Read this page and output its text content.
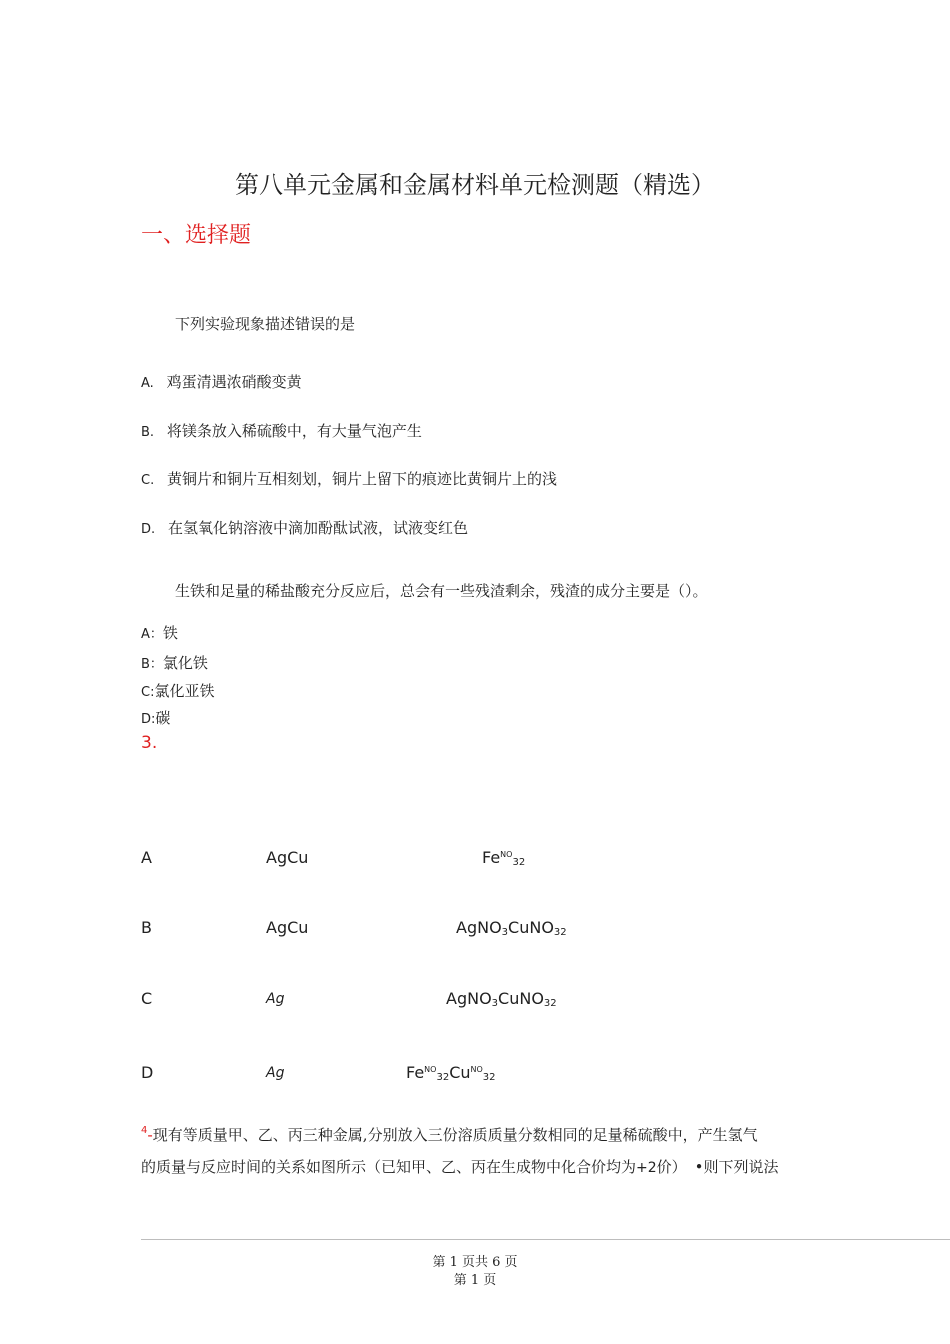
第八单元金属和金属材料单元检测题（精选）
一、选择题
下列实验现象描述错误的是
A. 鸡蛋清遇浓硝酸变黄
B. 将镁条放入稀硫酸中，有大量气泡产生
C. 黄铜片和铜片互相刻划，铜片上留下的痕迹比黄铜片上的浅
D. 在氢氧化钠溶液中滴加酚酞试液，试液变红色
生铁和足量的稀盐酸充分反应后，总会有一些残渣剩余，残渣的成分主要是（）。
A：铁
B：氯化铁
C:氯化亚铁
D:碳
3.
A	AgCu	$Fe^{NO}_{32}$
B	AgCu	AgNO$_3$CuNO$_{32}$
C	Ag	AgNO$_3$CuNO$_{32}$
D	Ag	$Fe^{NO}_{32}Cu^{NO}_{32}$
$^4$-现有等质量甲、乙、丙三种金属,分别放入三份溶质质量分数相同的足量稀硫酸中，产生氢气
的质量与反应时间的关系如图所示（已知甲、乙、丙在生成物中化合价均为+2价） •则下列说法
第 1 页共 6 页
第 1 页
